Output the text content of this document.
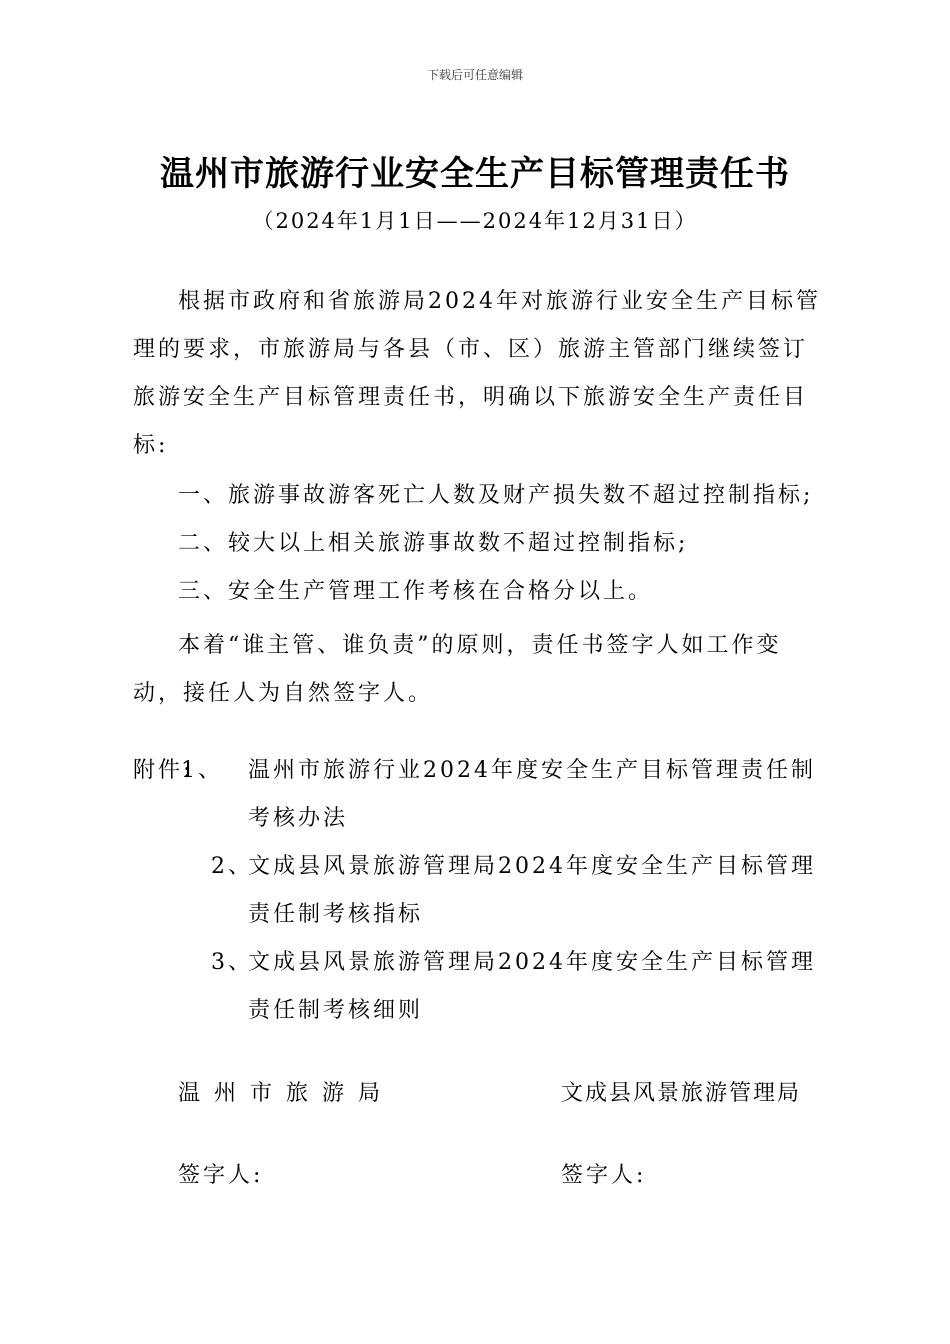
下载后可任意编辑
温州市旅游行业安全生产目标管理责任书
（2024年1月1日——2024年12月31日）

根据市政府和省旅游局2024年对旅游行业安全生产目标管理的要求，市旅游局与各县（市、区）旅游主管部门继续签订旅游安全生产目标管理责任书，明确以下旅游安全生产责任目标:

一、旅游事故游客死亡人数及财产损失数不超过控制指标;

二、较大以上相关旅游事故数不超过控制指标;

三、安全生产管理工作考核在合格分以上。

本着“谁主管、谁负责”的原则，责任书签字人如工作变动，接任人为自然签字人。

附件:
1、	温州市旅游行业2024年度安全生产目标管理责任制考核办法
2、
文成县风景旅游管理局2024年度安全生产目标管理责任制考核指标
3、
文成县风景旅游管理局2024年度安全生产目标管理责任制考核细则
温州市旅游局	文成县风景旅游管理局
签字人:	签字人:
